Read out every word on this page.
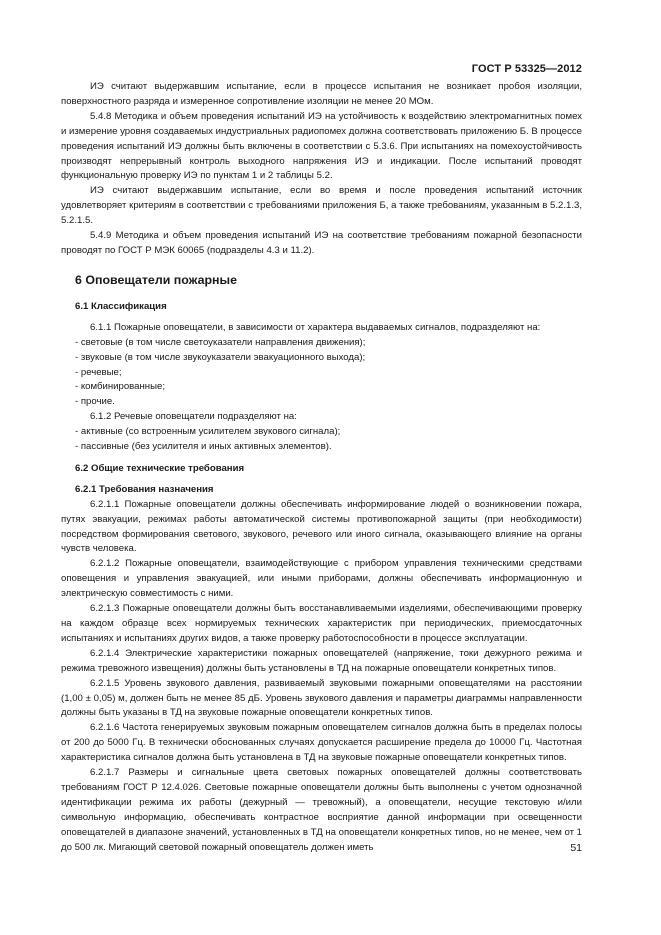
ГОСТ Р 53325—2012

ИЭ считают выдержавшим испытание, если в процессе испытания не возникает пробоя изоляции, поверхностного разряда и измеренное сопротивление изоляции не менее 20 МОм.

5.4.8 Методика и объем проведения испытаний ИЭ на устойчивость к воздействию электромагнитных помех и измерение уровня создаваемых индустриальных радиопомех должна соответствовать приложению Б. В процессе проведения испытаний ИЭ должны быть включены в соответствии с 5.3.6. При испытаниях на помехоустойчивость производят непрерывный контроль выходного напряжения ИЭ и индикации. После испытаний проводят функциональную проверку ИЭ по пунктам 1 и 2 таблицы 5.2.

ИЭ считают выдержавшим испытание, если во время и после проведения испытаний источник удовлетворяет критериям в соответствии с требованиями приложения Б, а также требованиям, указанным в 5.2.1.3, 5.2.1.5.

5.4.9 Методика и объем проведения испытаний ИЭ на соответствие требованиям пожарной безопасности проводят по ГОСТ Р МЭК 60065 (подразделы 4.3 и 11.2).

6 Оповещатели пожарные
6.1 Классификация

6.1.1 Пожарные оповещатели, в зависимости от характера выдаваемых сигналов, подразделяют на:

- световые (в том числе светоуказатели направления движения);
- звуковые (в том числе звукоуказатели эвакуационного выхода);
- речевые;
- комбинированные;
- прочие.

6.1.2 Речевые оповещатели подразделяют на:

- активные (со встроенным усилителем звукового сигнала);
- пассивные (без усилителя и иных активных элементов).
6.2 Общие технические требования
6.2.1 Требования назначения

6.2.1.1 Пожарные оповещатели должны обеспечивать информирование людей о возникновении пожара, путях эвакуации, режимах работы автоматической системы противопожарной защиты (при необходимости) посредством формирования светового, звукового, речевого или иного сигнала, оказывающего влияние на органы чувств человека.

6.2.1.2 Пожарные оповещатели, взаимодействующие с прибором управления техническими средствами оповещения и управления эвакуацией, или иными приборами, должны обеспечивать информационную и электрическую совместимость с ними.

6.2.1.3 Пожарные оповещатели должны быть восстанавливаемыми изделиями, обеспечивающими проверку на каждом образце всех нормируемых технических характеристик при периодических, приемосдаточных испытаниях и испытаниях других видов, а также проверку работоспособности в процессе эксплуатации.

6.2.1.4 Электрические характеристики пожарных оповещателей (напряжение, токи дежурного режима и режима тревожного извещения) должны быть установлены в ТД на пожарные оповещатели конкретных типов.

6.2.1.5 Уровень звукового давления, развиваемый звуковыми пожарными оповещателями на расстоянии (1,00 ± 0,05) м, должен быть не менее 85 дБ. Уровень звукового давления и параметры диаграммы направленности должны быть указаны в ТД на звуковые пожарные оповещатели конкретных типов.

6.2.1.6 Частота генерируемых звуковым пожарным оповещателем сигналов должна быть в пределах полосы от 200 до 5000 Гц. В технически обоснованных случаях допускается расширение предела до 10000 Гц. Частотная характеристика сигналов должна быть установлена в ТД на звуковые пожарные оповещатели конкретных типов.

6.2.1.7 Размеры и сигнальные цвета световых пожарных оповещателей должны соответствовать требованиям ГОСТ Р 12.4.026. Световые пожарные оповещатели должны быть выполнены с учетом однозначной идентификации режима их работы (дежурный — тревожный), а оповещатели, несущие текстовую и/или символьную информацию, обеспечивать контрастное восприятие данной информации при освещенности оповещателей в диапазоне значений, установленных в ТД на оповещатели конкретных типов, но не менее, чем от 1 до 500 лк. Мигающий световой пожарный оповещатель должен иметь	51
